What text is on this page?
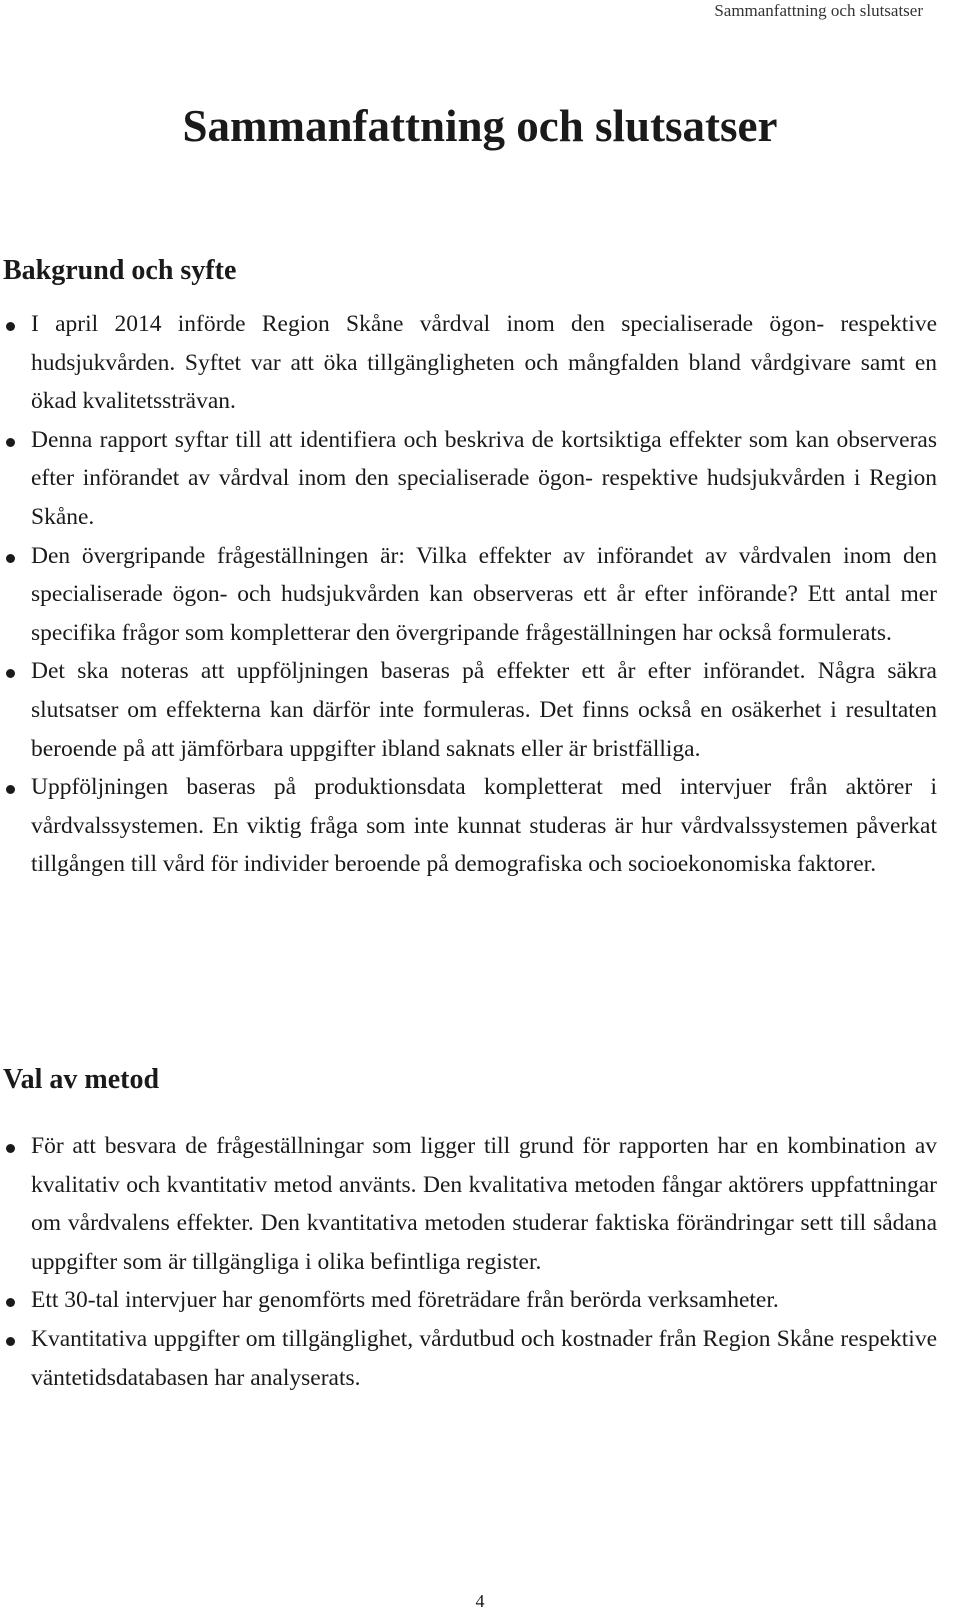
Sammanfattning och slutsatser
Sammanfattning och slutsatser
Bakgrund och syfte
I april 2014 införde Region Skåne vårdval inom den specialiserade ögon- respektive hudsjukvården. Syftet var att öka tillgängligheten och mångfalden bland vårdgivare samt en ökad kvalitetssträvan.
Denna rapport syftar till att identifiera och beskriva de kortsiktiga effekter som kan observeras efter införandet av vårdval inom den specialiserade ögon- respektive hudsjukvården i Region Skåne.
Den övergripande frågeställningen är: Vilka effekter av införandet av vårdvalen inom den specialiserade ögon- och hudsjukvården kan observeras ett år efter införande? Ett antal mer specifika frågor som kompletterar den övergripande frågeställningen har också formulerats.
Det ska noteras att uppföljningen baseras på effekter ett år efter införandet. Några säkra slutsatser om effekterna kan därför inte formuleras. Det finns också en osäkerhet i resultaten beroende på att jämförbara uppgifter ibland saknats eller är bristfälliga.
Uppföljningen baseras på produktionsdata kompletterat med intervjuer från aktörer i vårdvalssystemen. En viktig fråga som inte kunnat studeras är hur vårdvalssystemen påverkat tillgången till vård för individer beroende på demografiska och socioekonomiska faktorer.
Val av metod
För att besvara de frågeställningar som ligger till grund för rapporten har en kombination av kvalitativ och kvantitativ metod använts. Den kvalitativa metoden fångar aktörers uppfattningar om vårdvalens effekter. Den kvantitativa metoden studerar faktiska förändringar sett till sådana uppgifter som är tillgängliga i olika befintliga register.
Ett 30-tal intervjuer har genomförts med företrädare från berörda verksamheter.
Kvantitativa uppgifter om tillgänglighet, vårdutbud och kostnader från Region Skåne respektive väntetidsdatabasen har analyserats.
4
